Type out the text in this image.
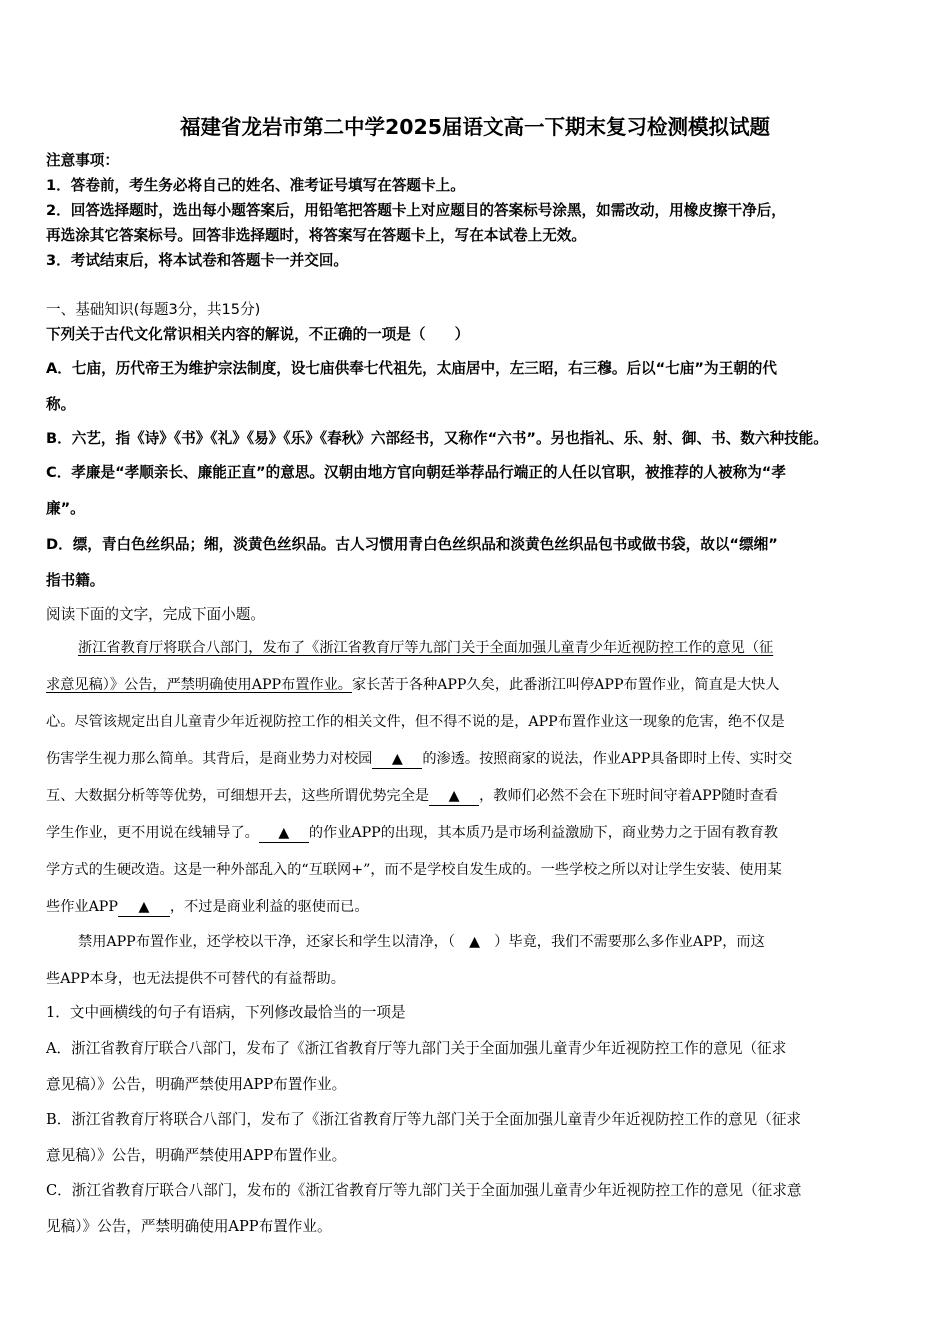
福建省龙岩市第二中学2025届语文高一下期末复习检测模拟试题
注意事项：
1．答卷前，考生务必将自己的姓名、准考证号填写在答题卡上。
2．回答选择题时，选出每小题答案后，用铅笔把答题卡上对应题目的答案标号涂黑，如需改动，用橡皮擦干净后，
再选涂其它答案标号。回答非选择题时，将答案写在答题卡上，写在本试卷上无效。
3．考试结束后，将本试卷和答题卡一并交回。
一、基础知识(每题3分，共15分)
下列关于古代文化常识相关内容的解说，不正确的一项是（　　）
A．七庙，历代帝王为维护宗法制度，设七庙供奉七代祖先，太庙居中，左三昭，右三穆。后以“七庙”为王朝的代
称。
B．六艺，指《诗》《书》《礼》《易》《乐》《春秋》六部经书，又称作“六书”。另也指礼、乐、射、御、书、数六种技能。
C．孝廉是“孝顺亲长、廉能正直”的意思。汉朝由地方官向朝廷举荐品行端正的人任以官职，被推荐的人被称为“孝
廉”。
D．缥，青白色丝织品；缃，淡黄色丝织品。古人习惯用青白色丝织品和淡黄色丝织品包书或做书袋，故以“缥缃”
指书籍。
阅读下面的文字，完成下面小题。
浙江省教育厅将联合八部门，发布了《浙江省教育厅等九部门关于全面加强儿童青少年近视防控工作的意见（征
求意见稿）》公告，严禁明确使用APP布置作业。家长苦于各种APP久矣，此番浙江叫停APP布置作业，简直是大快人
心。尽管该规定出自儿童青少年近视防控工作的相关文件，但不得不说的是，APP布置作业这一现象的危害，绝不仅是
伤害学生视力那么简单。其背后，是商业势力对校园 ▲ 的渗透。按照商家的说法，作业APP具备即时上传、实时交
互、大数据分析等等优势，可细想开去，这些所谓优势完全是 ▲ ，教师们必然不会在下班时间守着APP随时查看
学生作业，更不用说在线辅导了。 ▲ 的作业APP的出现，其本质乃是市场利益激励下，商业势力之于固有教育教
学方式的生硬改造。这是一种外部乱入的“互联网+”，而不是学校自发生成的。一些学校之所以对让学生安装、使用某
些作业APP ▲ ，不过是商业利益的驱使而已。
禁用APP布置作业，还学校以干净，还家长和学生以清净，（　▲　）毕竟，我们不需要那么多作业APP，而这
些APP本身，也无法提供不可替代的有益帮助。
1．文中画横线的句子有语病，下列修改最恰当的一项是
A．浙江省教育厅联合八部门，发布了《浙江省教育厅等九部门关于全面加强儿童青少年近视防控工作的意见（征求
意见稿）》公告，明确严禁使用APP布置作业。
B．浙江省教育厅将联合八部门，发布了《浙江省教育厅等九部门关于全面加强儿童青少年近视防控工作的意见（征求
意见稿）》公告，明确严禁使用APP布置作业。
C．浙江省教育厅联合八部门，发布的《浙江省教育厅等九部门关于全面加强儿童青少年近视防控工作的意见（征求意
见稿）》公告，严禁明确使用APP布置作业。
